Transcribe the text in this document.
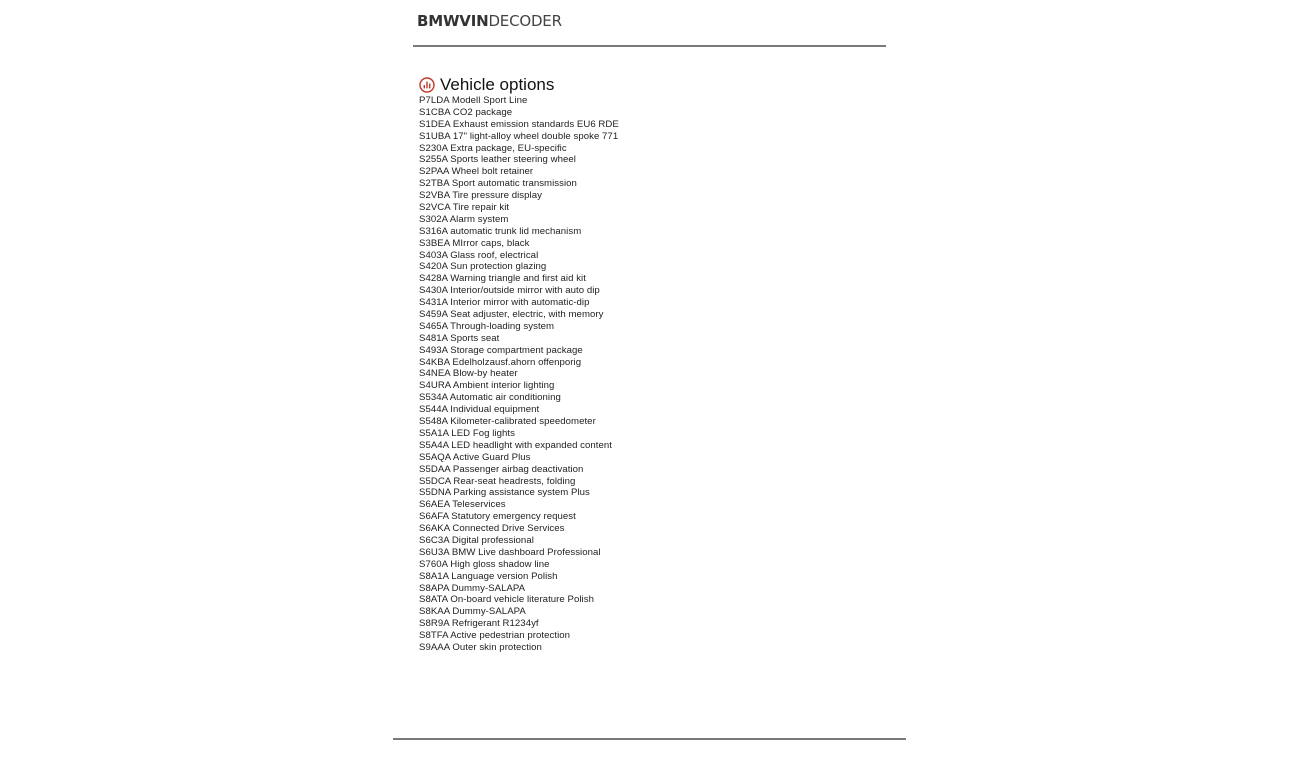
BMWVINDECODER
Vehicle options
P7LDA Modell Sport Line
S1CBA CO2 package
S1DEA Exhaust emission standards EU6 RDE
S1UBA 17" light-alloy wheel double spoke 771
S230A Extra package, EU-specific
S255A Sports leather steering wheel
S2PAA Wheel bolt retainer
S2TBA Sport automatic transmission
S2VBA Tire pressure display
S2VCA Tire repair kit
S302A Alarm system
S316A automatic trunk lid mechanism
S3BEA MIrror caps, black
S403A Glass roof, electrical
S420A Sun protection glazing
S428A Warning triangle and first aid kit
S430A Interior/outside mirror with auto dip
S431A Interior mirror with automatic-dip
S459A Seat adjuster, electric, with memory
S465A Through-loading system
S481A Sports seat
S493A Storage compartment package
S4KBA Edelholzausf.ahorn offenporig
S4NEA Blow-by heater
S4URA Ambient interior lighting
S534A Automatic air conditioning
S544A Individual equipment
S548A Kilometer-calibrated speedometer
S5A1A LED Fog lights
S5A4A LED headlight with expanded content
S5AQA Active Guard Plus
S5DAA Passenger airbag deactivation
S5DCA Rear-seat headrests, folding
S5DNA Parking assistance system Plus
S6AEA Teleservices
S6AFA Statutory emergency request
S6AKA Connected Drive Services
S6C3A Digital professional
S6U3A BMW Live dashboard Professional
S760A High gloss shadow line
S8A1A Language version Polish
S8APA Dummy-SALAPA
S8ATA On-board vehicle literature Polish
S8KAA Dummy-SALAPA
S8R9A Refrigerant R1234yf
S8TFA Active pedestrian protection
S9AAA Outer skin protection
